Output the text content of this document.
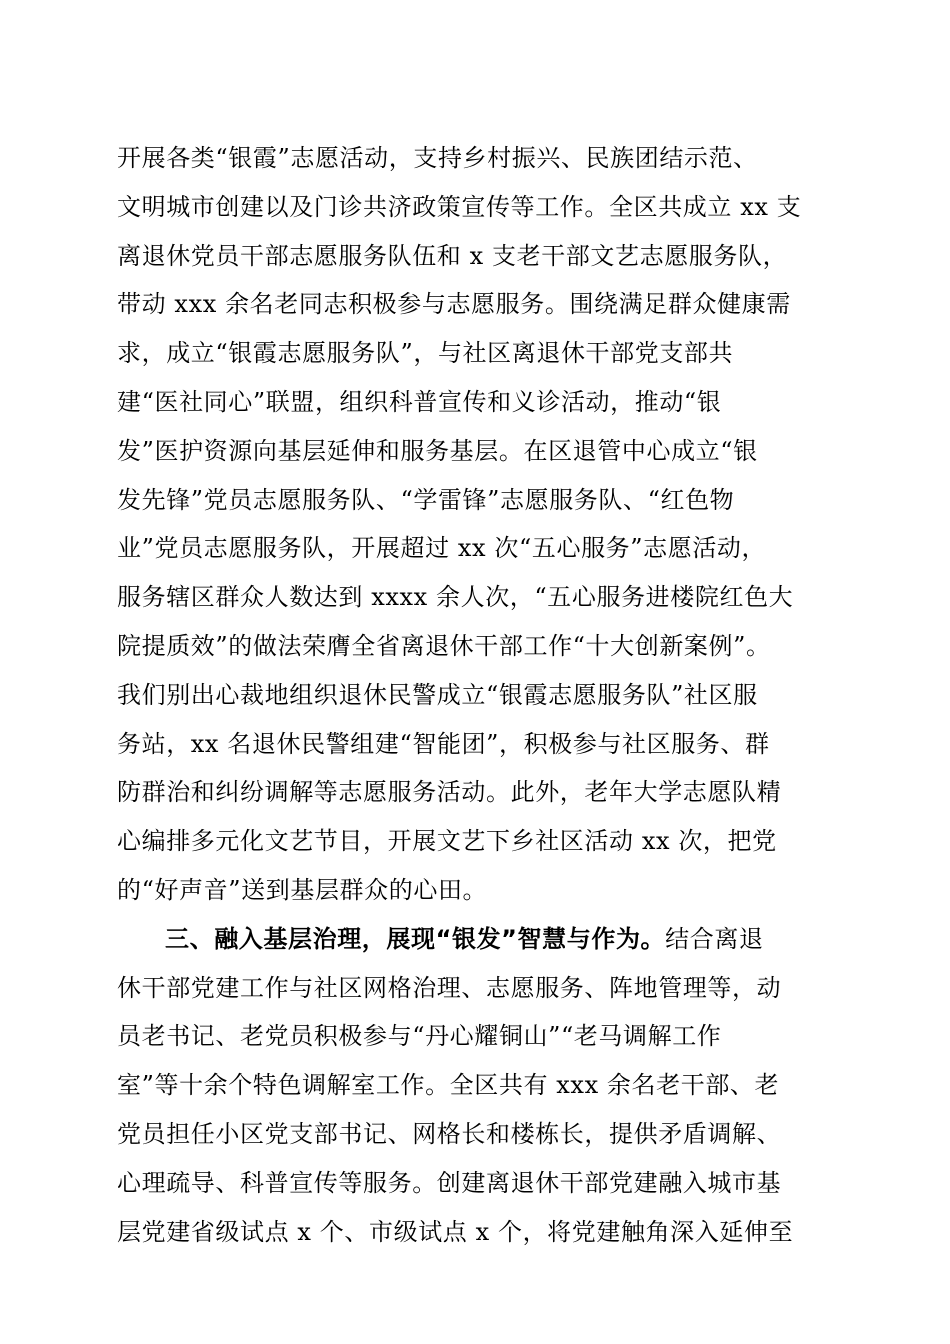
开展各类“银霞”志愿活动，支持乡村振兴、民族团结示范、
文明城市创建以及门诊共济政策宣传等工作。全区共成立 xx 支
离退休党员干部志愿服务队伍和 x 支老干部文艺志愿服务队，
带动 xxx 余名老同志积极参与志愿服务。围绕满足群众健康需
求，成立“银霞志愿服务队”，与社区离退休干部党支部共
建“医社同心”联盟，组织科普宣传和义诊活动，推动“银
发”医护资源向基层延伸和服务基层。在区退管中心成立“银
发先锋”党员志愿服务队、“学雷锋”志愿服务队、“红色物
业”党员志愿服务队，开展超过 xx 次“五心服务”志愿活动，
服务辖区群众人数达到 xxxx 余人次，“五心服务进楼院红色大
院提质效”的做法荣膺全省离退休干部工作“十大创新案例”。
我们别出心裁地组织退休民警成立“银霞志愿服务队”社区服
务站，xx 名退休民警组建“智能团”，积极参与社区服务、群
防群治和纠纷调解等志愿服务活动。此外，老年大学志愿队精
心编排多元化文艺节目，开展文艺下乡社区活动 xx 次，把党
的“好声音”送到基层群众的心田。
三、融入基层治理，展现“银发”智慧与作为。结合离退
休干部党建工作与社区网格治理、志愿服务、阵地管理等，动
员老书记、老党员积极参与“丹心耀铜山”“老马调解工作
室”等十余个特色调解室工作。全区共有 xxx 余名老干部、老
党员担任小区党支部书记、网格长和楼栋长，提供矛盾调解、
心理疏导、科普宣传等服务。创建离退休干部党建融入城市基
层党建省级试点 x 个、市级试点 x 个，将党建触角深入延伸至
